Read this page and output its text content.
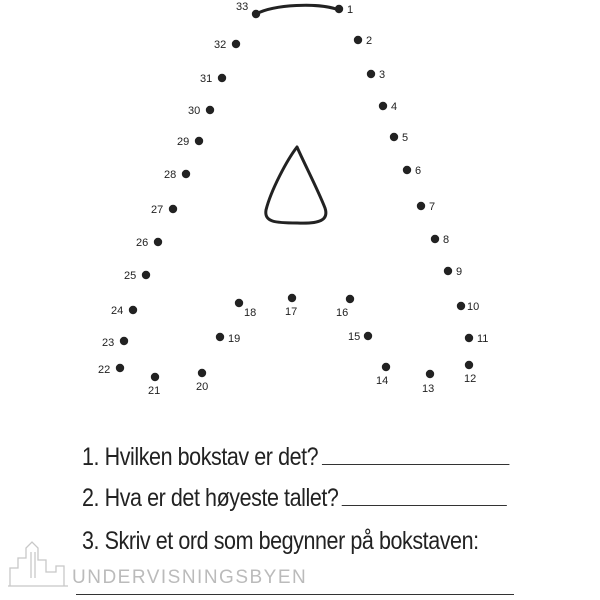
1
2
3
4
5
6
7
8
9
10
11
12
13
14
15
16
17
18
19
20
21
22
23
24
25
26
27
28
29
30
31
32
33
1. Hvilken bokstav er det?
2. Hva er det høyeste tallet?
3. Skriv et ord som begynner på bokstaven:
UNDERVISNINGSBYEN
